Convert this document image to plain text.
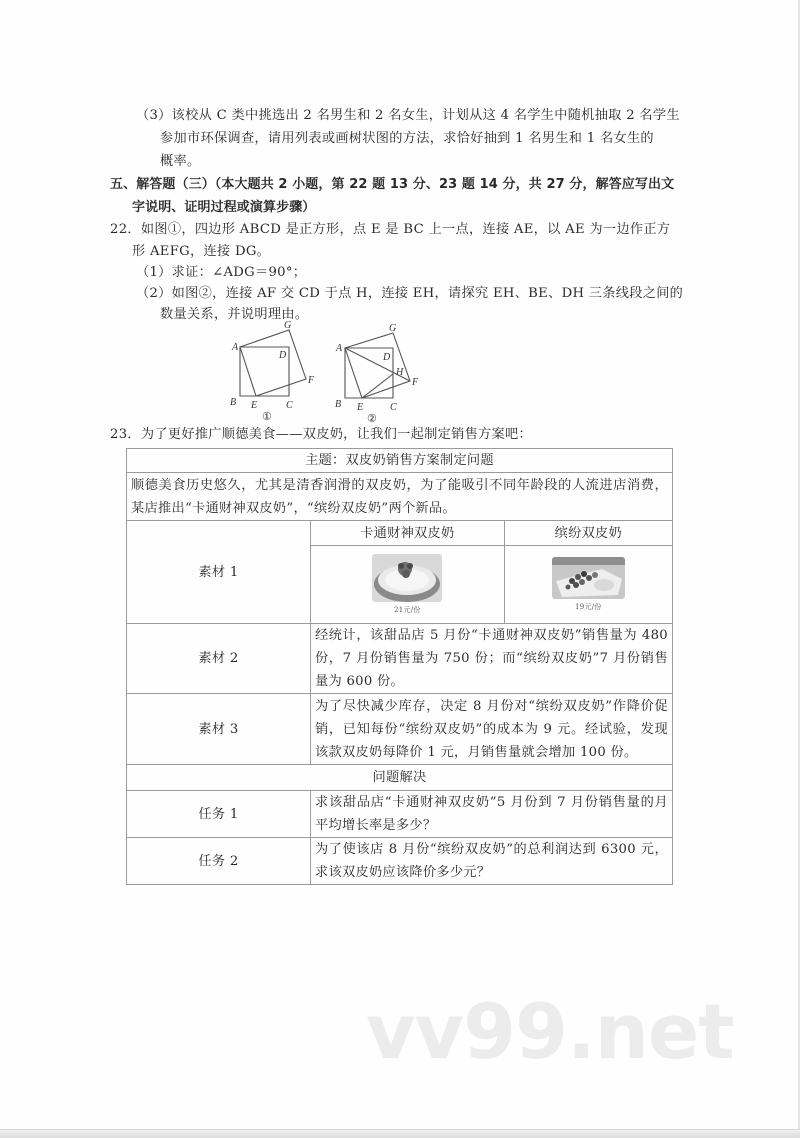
（3）该校从 C 类中挑选出 2 名男生和 2 名女生，计划从这 4 名学生中随机抽取 2 名学生
参加市环保调查，请用列表或画树状图的方法，求恰好抽到 1 名男生和 1 名女生的
概率。
五、解答题（三）（本大题共 2 小题，第 22 题 13 分、23 题 14 分，共 27 分，解答应写出文
字说明、证明过程或演算步骤）
22．如图①，四边形 ABCD 是正方形，点 E 是 BC 上一点，连接 AE，以 AE 为一边作正方
形 AEFG，连接 DG。
（1）求证：∠ADG＝90°；
（2）如图②，连接 AF 交 CD 于点 H，连接 EH，请探究 EH、BE、DH 三条线段之间的
数量关系，并说明理由。
A
D
G
F
B E	C
①
A
D
G
H
F
B E	C
②
23．为了更好推广顺德美食——双皮奶，让我们一起制定销售方案吧：
主题：双皮奶销售方案制定问题		
顺德美食历史悠久，尤其是清香润滑的双皮奶，为了能吸引不同年龄段的人流进店消费，某店推出“卡通财神双皮奶”，“缤纷双皮奶”两个新品。		
素材 1	卡通财神双皮奶	缤纷双皮奶

	21元/份	19元/份

素材 2	经统计，该甜品店 5 月份“卡通财神双皮奶”销售量为 480 份，7 月份销售量为 750 份；而“缤纷双皮奶”7 月份销售量为 600 份。	
素材 3	为了尽快减少库存，决定 8 月份对“缤纷双皮奶”作降价促销，已知每份“缤纷双皮奶”的成本为 9 元。经试验，发现该款双皮奶每降价 1 元，月销售量就会增加 100 份。	
问题解决		
任务 1	求该甜品店“卡通财神双皮奶”5 月份到 7 月份销售量的月平均增长率是多少？	
任务 2	为了使该店 8 月份“缤纷双皮奶”的总利润达到 6300 元，求该双皮奶应该降价多少元？	
vv99.net
